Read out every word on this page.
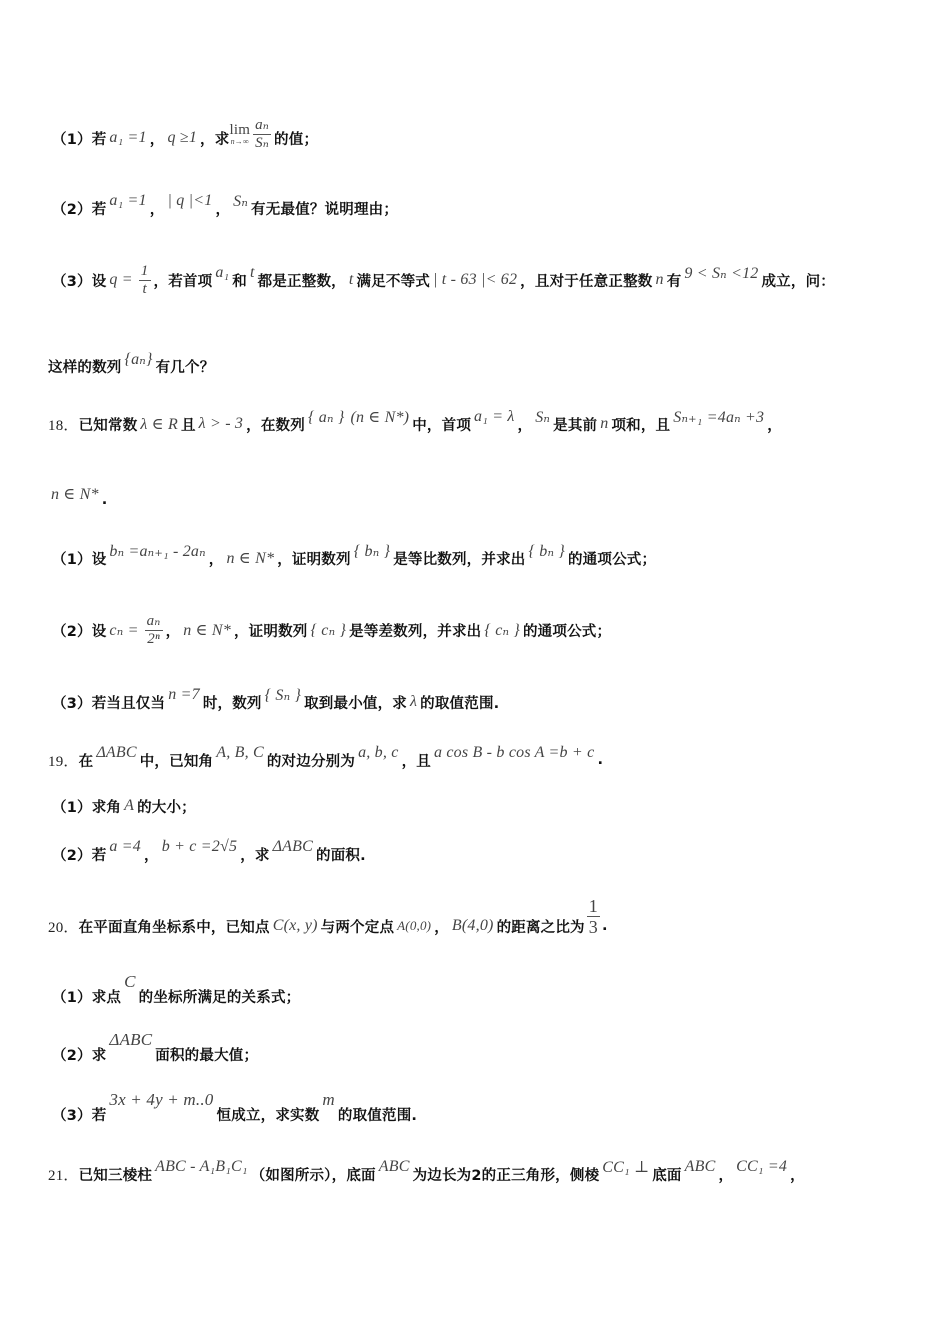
（1）若 a₁ =1 ， q ≥1 ，求
lim
$n\to\infty \frac{\text{aₙ}}{\text{Sₙ}}$ 的值；
（2）若
a₁ =1
，
| q |<1
， Sₙ 有无最值？说明理由；
（3）设 $q = \frac{1}{t}$ ，若首项
a₁
和
t
都是正整数， t 满足不等式 | t - 63 |< 62 ，且对于任意正整数 n 有 9 < Sₙ <12 成立，问：
这样的数列 {aₙ} 有几个？
18． 已知常数 λ ∈ R 且 λ > - 3 ，在数列 { aₙ } (n ∈ N*) 中，首项
a₁ = λ
， Sₙ 是其前 n 项和，且 Sₙ₊₁ =4aₙ +3 ，
n ∈ N* .
（1）设 bₙ =aₙ₊₁ - 2aₙ ， n ∈ N* ，证明数列 { bₙ } 是等比数列，并求出 { bₙ } 的通项公式；
（2）设 $c_n = \frac{\text{aₙ}}{\text{2ⁿ}}$ ， n ∈ N* ，证明数列 { cₙ } 是等差数列，并求出 { cₙ } 的通项公式；
（3）若当且仅当
n =7
时，数列 { Sₙ } 取到最小值，求 λ 的取值范围.
19． 在
ΔABC
中，已知角
A, B, C
的对边分别为
a, b, c
，且
a cos B - b cos A =b + c .
（1）求角 A 的大小；
（2）若
a =4
，
b + c =2√5
，求
ΔABC
的面积.
20． 在平面直角坐标系中，已知点 C(x, y) 与两个定点 A(0,0) ， B(4,0) 的距离之比为 $\frac{1}{3}$ .
（1）求点
C
的坐标所满足的关系式；
（2）求
ΔABC
面积的最大值；
（3）若
3x + 4y + m..0
恒成立，求实数
m
的取值范围.
21． 已知三棱柱
ABC - A₁B₁C₁
（如图所示），底面
ABC
为边长为2的正三角形，侧棱 CC₁ ⊥ 底面
ABC
，
CC₁ =4
，
